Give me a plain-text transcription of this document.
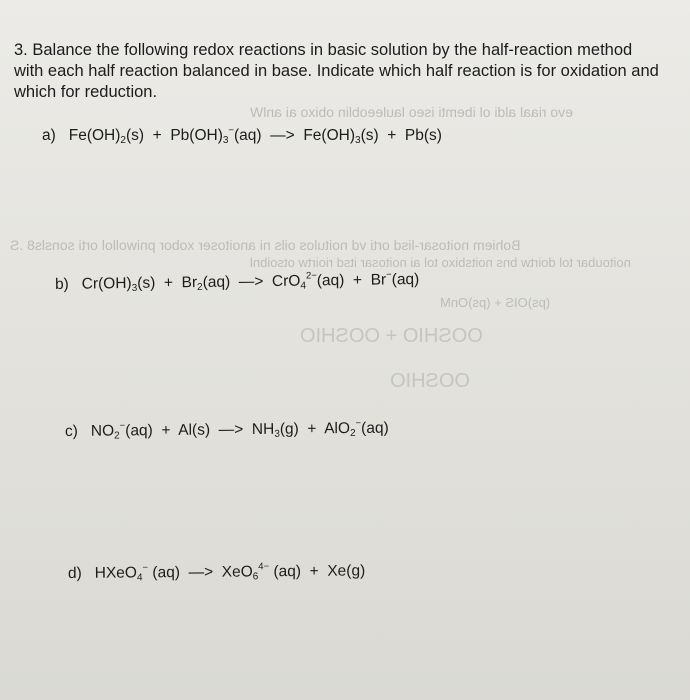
evo riaal aldi ol ibemti iseo lauleeoblin obixo ai anlW
Bohiem noitosar-lisd orti vd noitulos oils ni anoitoser xobor pniwollol orti sonsls8 .S
noitoubar tol doirtw bns noitsbixo tol ai noitosar itsd rioirtw otsoibnl
OOSHIO + OOSHIO
OOSHIO
(ps)OIS + (ps)OnM
3. Balance the following redox reactions in basic solution by the half-reaction method
with each half reaction balanced in base. Indicate which half reaction is for oxidation and
which for reduction.
a) $Fe(OH)_2(s) + Pb(OH)_3^-(aq)$  —>  $Fe(OH)_3(s) + Pb(s)$
b) $Cr(OH)_3(s) + Br_2(aq)$  —>  CrO$_4^{2-}$(aq)  +  Br−(aq)
c) $NO_2^-(aq) + Al(s)$  —>  $NH_3(g) + AlO_2^-(aq)$
d) HXeO$_4$− (aq)  —>  XeO$_6^{4-}$ (aq)  +  Xe(g)
